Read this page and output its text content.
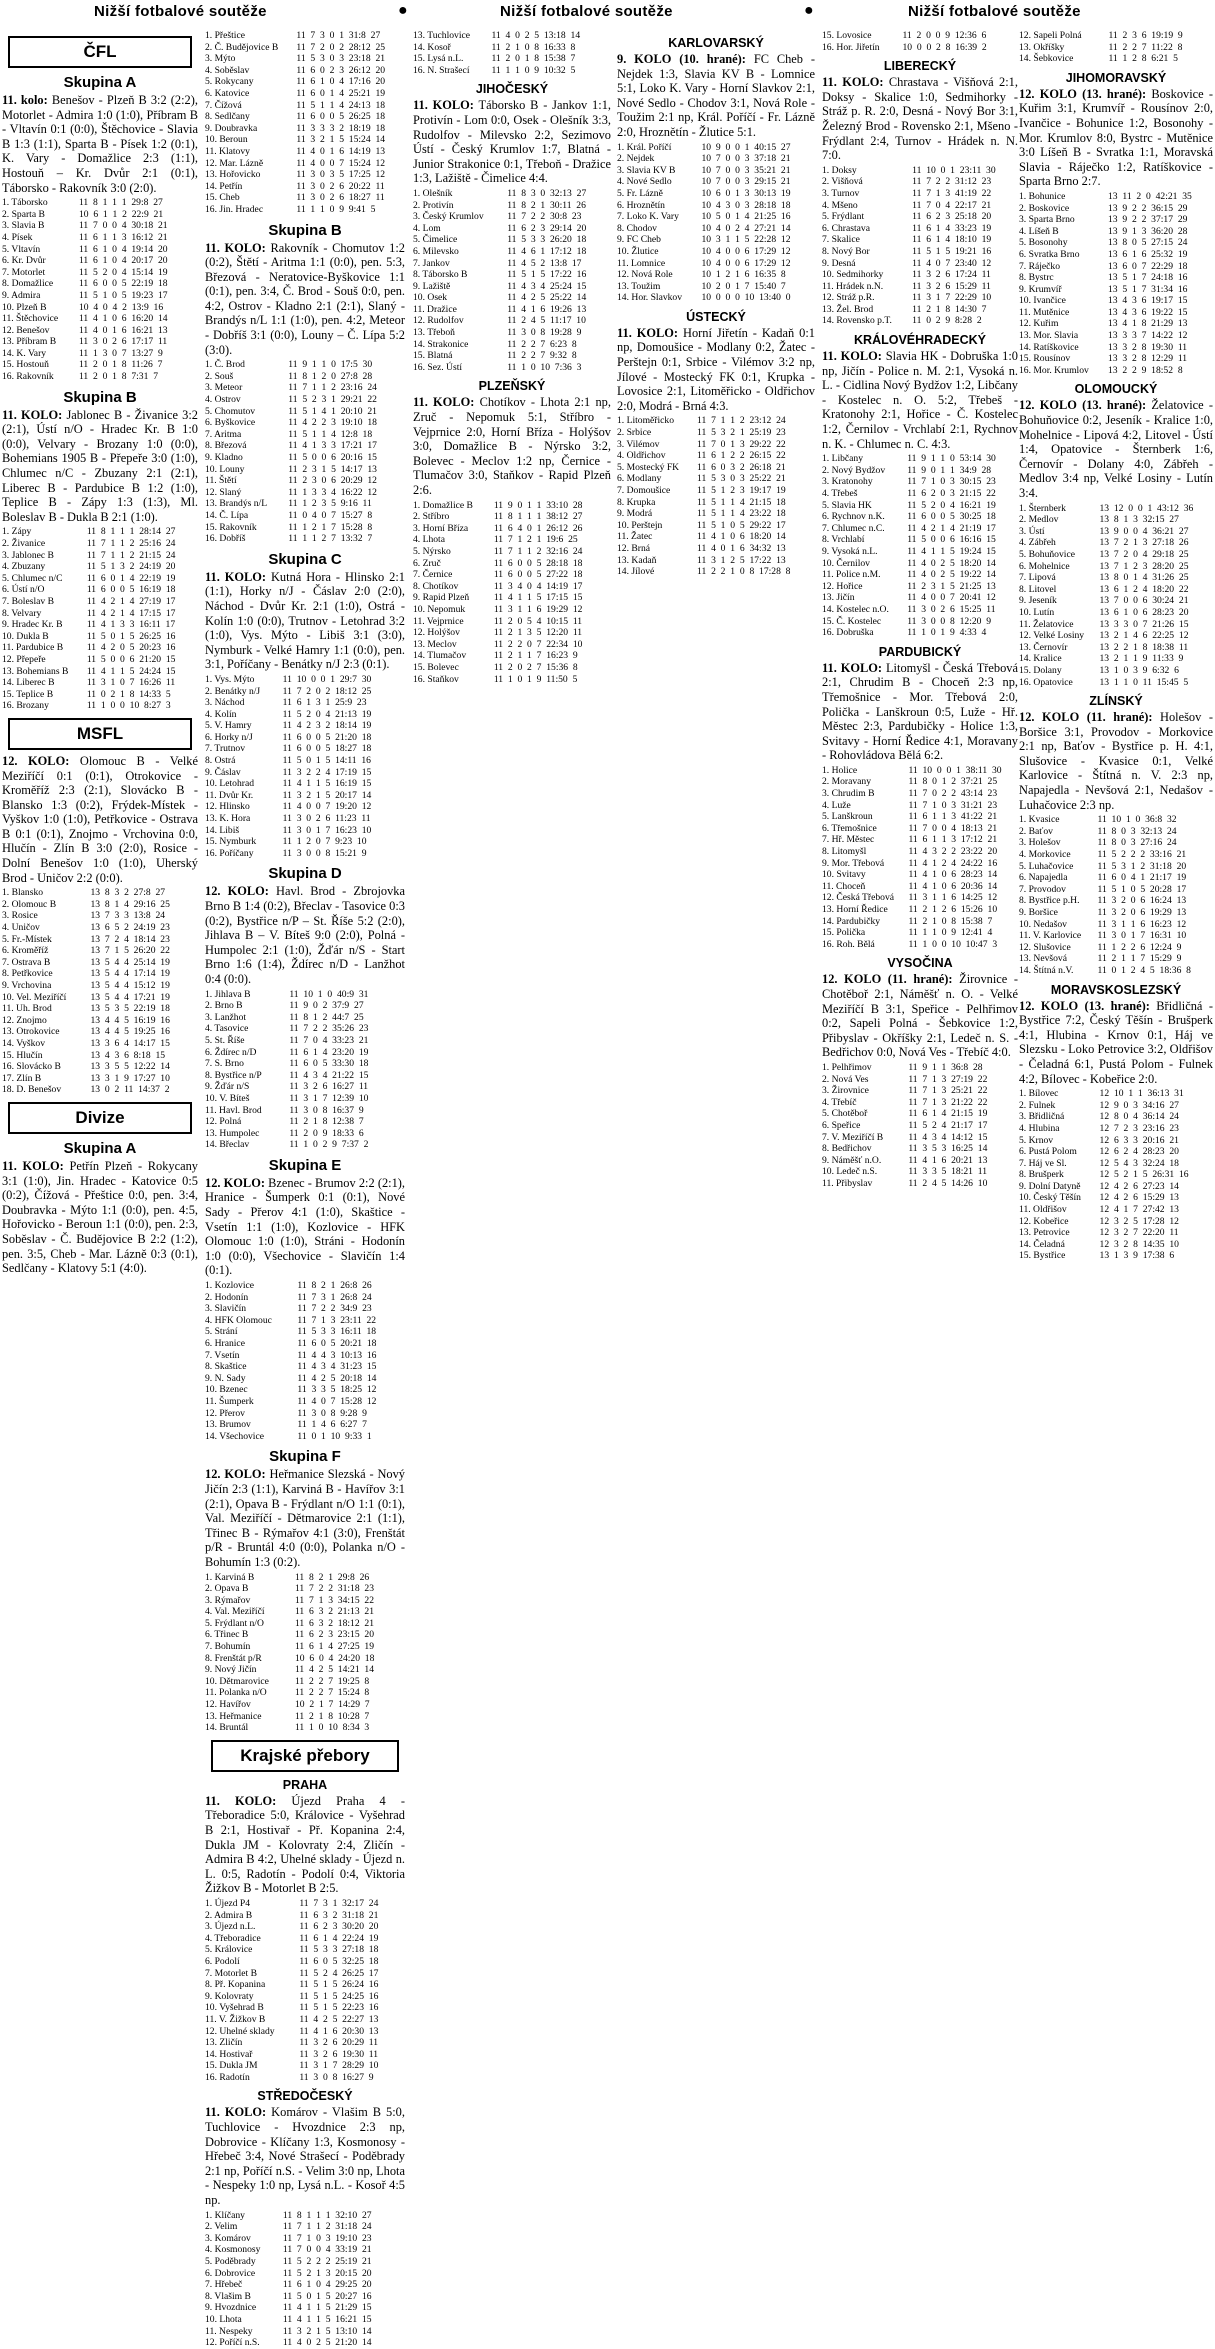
Nižší fotbalové soutěže	●	Nižší fotbalové soutěže	●	Nižší fotbalové soutěže
ČFL
Skupina A

11. kolo: Benešov - Plzeň B 3:2 (2:2), Motorlet - Admira 1:0 (1:0), Příbram B - Vltavín 0:1 (0:0), Štěchovice - Slavia B 1:3 (1:1), Sparta B - Písek 1:2 (0:1), K. Vary - Domažlice 2:3 (1:1), Hostouň – Kr. Dvůr 2:1 (0:1), Táborsko - Rakovník 3:0 (2:0).

1. Táborsko	11 8 1 1 1 29:8 27
2. Sparta B	10 6 1 1 2 22:9 21
3. Slavia B	11 7 0 0 4 30:18 21
4. Písek	11 6 1 1 3 16:12 21
5. Vltavín	11 6 1 0 4 19:14 20
6. Kr. Dvůr	11 6 1 0 4 20:17 20
7. Motorlet	11 5 2 0 4 15:14 19
8. Domažlice	11 6 0 0 5 22:19 18
9. Admira	11 5 1 0 5 19:23 17
10. Plzeň B	10 4 0 4 2 13:9 16
11. Štěchovice	11 4 1 0 6 16:20 14
12. Benešov	11 4 0 1 6 16:21 13
13. Příbram B	11 3 0 2 6 17:17 11
14. K. Vary	11 1 3 0 7 13:27 9
15. Hostouň	11 2 0 1 8 11:26 7
16. Rakovník	11 2 0 1 8 7:31 7
Skupina B

11. KOLO: Jablonec B - Živanice 3:2 (2:1), Ústí n/O - Hradec Kr. B 1:0 (0:0), Velvary - Brozany 1:0 (0:0), Bohemians 1905 B - Přepeře 3:0 (1:0), Chlumec n/C - Zbuzany 2:1 (2:1), Liberec B - Pardubice B 1:2 (1:0), Teplice B - Zápy 1:3 (1:3), Ml. Boleslav B - Dukla B 2:1 (1:0).

1. Zápy	11 8 1 1 1 28:14 27
2. Živanice	11 7 1 1 2 25:16 24
3. Jablonec B	11 7 1 1 2 21:15 24
4. Zbuzany	11 5 1 3 2 24:19 20
5. Chlumec n/C	11 6 0 1 4 22:19 19
6. Ústí n/O	11 6 0 0 5 16:19 18
7. Boleslav B	11 4 2 1 4 27:19 17
8. Velvary	11 4 2 1 4 17:15 17
9. Hradec Kr. B	11 4 1 3 3 16:11 17
10. Dukla B	11 5 0 1 5 26:25 16
11. Pardubice B	11 4 2 0 5 20:23 16
12. Přepeře	11 5 0 0 6 21:20 15
13. Bohemians B	11 4 1 1 5 24:24 15
14. Liberec B	11 3 1 0 7 16:26 11
15. Teplice B	11 0 2 1 8 14:33 5
16. Brozany	11 1 0 0 10 8:27 3
MSFL

12. KOLO: Olomouc B - Velké Meziříčí 0:1 (0:1), Otrokovice - Kroměříž 2:3 (2:1), Slovácko B - Blansko 1:3 (0:2), Frýdek-Místek - Vyškov 1:0 (1:0), Petřkovice - Ostrava B 0:1 (0:1), Znojmo - Vrchovina 0:0, Hlučín - Zlín B 3:0 (2:0), Rosice - Dolní Benešov 1:0 (1:0), Uherský Brod - Uničov 2:2 (0:0).

1. Blansko	13 8 3 2 27:8 27
2. Olomouc B	13 8 1 4 29:16 25
3. Rosice	13 7 3 3 13:8 24
4. Uničov	13 6 5 2 24:19 23
5. Fr.-Místek	13 7 2 4 18:14 23
6. Kroměříž	13 7 1 5 26:20 22
7. Ostrava B	13 5 4 4 25:14 19
8. Petřkovice	13 5 4 4 17:14 19
9. Vrchovina	13 5 4 4 15:12 19
10. Vel. Meziříčí	13 5 4 4 17:21 19
11. Uh. Brod	13 5 3 5 22:19 18
12. Znojmo	13 4 4 5 16:19 16
13. Otrokovice	13 4 4 5 19:25 16
14. Vyškov	13 3 6 4 14:17 15
15. Hlučín	13 4 3 6 8:18 15
16. Slovácko B	13 3 5 5 12:22 14
17. Zlín B	13 3 1 9 17:27 10
18. D. Benešov	13 0 2 11 14:37 2
Divize
Skupina A

11. KOLO: Petřín Plzeň - Rokycany 3:1 (1:0), Jin. Hradec - Katovice 0:5 (0:2), Čížová - Přeštice 0:0, pen. 3:4, Doubravka - Mýto 1:1 (0:0), pen. 4:5, Hořovicko - Beroun 1:1 (0:0), pen. 2:3, Soběslav - Č. Budějovice B 2:2 (1:2), pen. 3:5, Cheb - Mar. Lázně 0:3 (0:1), Sedlčany - Klatovy 5:1 (4:0).

1. Přeštice	11 7 3 0 1 31:8 27
2. Č. Budějovice B	11 7 2 0 2 28:12 25
3. Mýto	11 5 3 0 3 23:18 21
4. Soběslav	11 6 0 2 3 26:12 20
5. Rokycany	11 6 1 0 4 17:16 20
6. Katovice	11 6 0 1 4 25:21 19
7. Čížová	11 5 1 1 4 24:13 18
8. Sedlčany	11 6 0 0 5 26:25 18
9. Doubravka	11 3 3 3 2 18:19 18
10. Beroun	11 3 2 1 5 15:24 14
11. Klatovy	11 4 0 1 6 14:19 13
12. Mar. Lázně	11 4 0 0 7 15:24 12
13. Hořovicko	11 3 0 3 5 17:25 12
14. Petřín	11 3 0 2 6 20:22 11
15. Cheb	11 3 0 2 6 18:27 11
16. Jin. Hradec	11 1 1 0 9 9:41 5
Skupina B

11. KOLO: Rakovník - Chomutov 1:2 (0:2), Štětí - Aritma 1:1 (0:0), pen. 5:3, Březová - Neratovice-Byškovice 1:1 (0:1), pen. 3:4, Č. Brod - Souš 0:0, pen. 4:2, Ostrov - Kladno 2:1 (2:1), Slaný - Brandýs n/L 1:1 (1:0), pen. 4:2, Meteor - Dobříš 3:1 (0:0), Louny – Č. Lípa 5:2 (3:0).

1. Č. Brod	11 9 1 1 0 17:5 30
2. Souš	11 8 1 2 0 27:8 28
3. Meteor	11 7 1 1 2 23:16 24
4. Ostrov	11 5 2 3 1 29:21 22
5. Chomutov	11 5 1 4 1 20:10 21
6. Byškovice	11 4 2 2 3 19:10 18
7. Aritma	11 5 1 1 4 12:8 18
8. Březová	11 4 1 3 3 17:21 17
9. Kladno	11 5 0 0 6 20:16 15
10. Louny	11 2 3 1 5 14:17 13
11. Štětí	11 2 3 0 6 20:29 12
12. Slaný	11 1 3 3 4 16:22 12
13. Brandýs n/L	11 1 2 3 5 9:16 11
14. Č. Lípa	11 0 4 0 7 15:27 8
15. Rakovník	11 1 2 1 7 15:28 8
16. Dobříš	11 1 1 2 7 13:32 7
Skupina C

11. KOLO: Kutná Hora - Hlinsko 2:1 (1:1), Horky n/J - Čáslav 2:0 (2:0), Náchod - Dvůr Kr. 2:1 (1:0), Ostrá - Kolín 1:0 (0:0), Trutnov - Letohrad 3:2 (1:0), Vys. Mýto - Libiš 3:1 (3:0), Nymburk - Velké Hamry 1:1 (0:0), pen. 3:1, Poříčany - Benátky n/J 2:3 (0:1).

1. Vys. Mýto	11 10 0 0 1 29:7 30
2. Benátky n/J	11 7 2 0 2 18:12 25
3. Náchod	11 6 1 3 1 25:9 23
4. Kolín	11 5 2 0 4 21:13 19
5. V. Hamry	11 4 2 3 2 18:14 19
6. Horky n/J	11 6 0 0 5 21:20 18
7. Trutnov	11 6 0 0 5 18:27 18
8. Ostrá	11 5 0 1 5 14:11 16
9. Čáslav	11 3 2 2 4 17:19 15
10. Letohrad	11 4 1 1 5 16:19 15
11. Dvůr Kr.	11 3 2 1 5 20:17 14
12. Hlinsko	11 4 0 0 7 19:20 12
13. K. Hora	11 3 0 2 6 11:23 11
14. Libiš	11 3 0 1 7 16:23 10
15. Nymburk	11 1 2 0 7 9:23 10
16. Poříčany	11 3 0 0 8 15:21 9
Skupina D

12. KOLO: Havl. Brod - Zbrojovka Brno B 1:4 (0:2), Břeclav - Tasovice 0:3 (0:2), Bystřice n/P – St. Říše 5:2 (2:0), Jihlava B – V. Bíteš 9:0 (2:0), Polná - Humpolec 2:1 (1:0), Žďár n/S - Start Brno 1:6 (1:4), Ždírec n/D - Lanžhot 0:4 (0:0).

1. Jihlava B	11 10 1 0 40:9 31
2. Brno B	11 9 0 2 37:9 27
3. Lanžhot	11 8 1 2 44:7 25
4. Tasovice	11 7 2 2 35:26 23
5. St. Říše	11 7 0 4 33:23 21
6. Ždírec n/D	11 6 1 4 23:20 19
7. S. Brno	11 6 0 5 33:30 18
8. Bystřice n/P	11 4 3 4 21:22 15
9. Žďár n/S	11 3 2 6 16:27 11
10. V. Bíteš	11 3 1 7 12:39 10
11. Havl. Brod	11 3 0 8 16:37 9
12. Polná	11 2 1 8 12:38 7
13. Humpolec	11 2 0 9 18:33 6
14. Břeclav	11 1 0 2 9 7:37 2
Skupina E

12. KOLO: Bzenec - Brumov 2:2 (2:1), Hranice - Šumperk 0:1 (0:1), Nové Sady - Přerov 4:1 (1:0), Skaštice - Vsetín 1:1 (1:0), Kozlovice - HFK Olomouc 1:0 (1:0), Stráni - Hodonín 1:0 (0:0), Všechovice - Slavičín 1:4 (0:1).

1. Kozlovice	11 8 2 1 26:8 26
2. Hodonín	11 7 3 1 26:8 24
3. Slavičín	11 7 2 2 34:9 23
4. HFK Olomouc	11 7 1 3 23:11 22
5. Strání	11 5 3 3 16:11 18
6. Hranice	11 6 0 5 20:21 18
7. Vsetín	11 4 4 3 10:13 16
8. Skaštice	11 4 3 4 31:23 15
9. N. Sady	11 4 2 5 20:18 14
10. Bzenec	11 3 3 5 18:25 12
11. Šumperk	11 4 0 7 15:28 12
12. Přerov	11 3 0 8 9:28 9
13. Brumov	11 1 4 6 6:27 7
14. Všechovice	11 0 1 10 9:33 1
Skupina F

12. KOLO: Heřmanice Slezská - Nový Jičín 2:3 (1:1), Karviná B - Havířov 3:1 (2:1), Opava B - Frýdlant n/O 1:1 (0:1), Val. Meziříčí - Dětmarovice 2:1 (1:1), Třinec B - Rýmařov 4:1 (3:0), Frenštát p/R - Bruntál 4:0 (0:0), Polanka n/O - Bohumín 1:3 (0:2).

1. Karviná B	11 8 2 1 29:8 26
2. Opava B	11 7 2 2 31:18 23
3. Rýmařov	11 7 1 3 34:15 22
4. Val. Meziříčí	11 6 3 2 21:13 21
5. Frýdlant n/O	11 6 3 2 18:12 21
6. Třinec B	11 6 2 3 23:15 20
7. Bohumín	11 6 1 4 27:25 19
8. Frenštát p/R	10 6 0 4 24:20 18
9. Nový Jičín	11 4 2 5 14:21 14
10. Dětmarovice	11 2 2 7 19:25 8
11. Polanka n/O	11 2 2 7 15:24 8
12. Havířov	10 2 1 7 14:29 7
13. Heřmanice	11 2 1 8 10:28 7
14. Bruntál	11 1 0 10 8:34 3
Krajské přebory
PRAHA

11. KOLO: Újezd Praha 4 - Třeboradice 5:0, Královice - Vyšehrad B 2:1, Hostivař - Př. Kopanina 2:4, Dukla JM - Kolovraty 2:4, Zličín - Admira B 4:2, Uhelné sklady - Újezd n. L. 0:5, Radotín - Podolí 0:4, Viktoria Žižkov B - Motorlet B 2:5.

1. Újezd P4	11 7 3 1 32:17 24
2. Admira B	11 6 3 2 31:18 21
3. Újezd n.L.	11 6 2 3 30:20 20
4. Třeboradice	11 6 1 4 22:24 19
5. Královice	11 5 3 3 27:18 18
6. Podolí	11 6 0 5 32:25 18
7. Motorlet B	11 5 2 4 26:25 17
8. Př. Kopanina	11 5 1 5 26:24 16
9. Kolovraty	11 5 1 5 24:25 16
10. Vyšehrad B	11 5 1 5 22:23 16
11. V. Žižkov B	11 4 2 5 22:27 13
12. Uhelné sklady	11 4 1 6 20:30 13
13. Zličín	11 3 2 6 20:29 11
14. Hostivař	11 3 2 6 19:30 11
15. Dukla JM	11 3 1 7 28:29 10
16. Radotín	11 3 0 8 16:27 9
STŘEDOČESKÝ

11. KOLO: Komárov - Vlašim B 5:0, Tuchlovice - Hvozdnice 2:3 np, Dobrovice - Klíčany 1:3, Kosmonosy - Hřebeč 3:4, Nové Strašecí - Poděbrady 2:1 np, Poříčí n.S. - Velim 3:0 np, Lhota - Nespeky 1:0 np, Lysá n.L. - Kosoř 4:5 np.

1. Klíčany	11 8 1 1 1 32:10 27
2. Velim	11 7 1 1 2 31:18 24
3. Komárov	11 7 1 0 3 19:10 23
4. Kosmonosy	11 7 0 0 4 33:19 21
5. Poděbrady	11 5 2 2 2 25:19 21
6. Dobrovice	11 5 2 1 3 20:15 20
7. Hřebeč	11 6 1 0 4 29:25 20
8. Vlašim B	11 5 0 1 5 20:27 16
9. Hvozdnice	11 4 1 1 5 21:29 15
10. Lhota	11 4 1 1 5 16:21 15
11. Nespeky	11 3 2 1 5 13:10 14
12. Poříčí n.S.	11 4 0 2 5 21:20 14
13. Tuchlovice	11 4 0 2 5 13:18 14
14. Kosoř	11 2 1 0 8 16:33 8
15. Lysá n.L.	11 2 0 1 8 15:38 7
16. N. Strašecí	11 1 1 0 9 10:32 5
JIHOČESKÝ

11. KOLO: Táborsko B - Jankov 1:1, Protivín - Lom 0:0, Osek - Olešník 3:3, Rudolfov - Milevsko 2:2, Sezimovo Ústí - Český Krumlov 1:7, Blatná - Junior Strakonice 0:1, Třeboň - Dražice 1:3, Lažiště - Čimelice 4:4.

1. Olešník	11 8 3 0 32:13 27
2. Protivín	11 8 2 1 30:11 26
3. Český Krumlov	11 7 2 2 30:8 23
4. Lom	11 6 2 3 29:14 20
5. Čimelice	11 5 3 3 26:20 18
6. Milevsko	11 4 6 1 17:12 18
7. Jankov	11 4 5 2 13:8 17
8. Táborsko B	11 5 1 5 17:22 16
9. Lažiště	11 4 3 4 25:24 15
10. Osek	11 4 2 5 25:22 14
11. Dražice	11 4 1 6 19:26 13
12. Rudolfov	11 2 4 5 11:17 10
13. Třeboň	11 3 0 8 19:28 9
14. Strakonice	11 2 2 7 6:23 8
15. Blatná	11 2 2 7 9:32 8
16. Sez. Ústí	11 1 0 10 7:36 3
PLZEŇSKÝ

11. KOLO: Chotíkov - Lhota 2:1 np, Zruč - Nepomuk 5:1, Stříbro - Vejprnice 2:0, Horní Bříza - Holýšov 3:0, Domažlice B - Nýrsko 3:2, Bolevec - Meclov 1:2 np, Černice - Tlumačov 3:0, Staňkov - Rapid Plzeň 2:6.

1. Domažlice B	11 9 0 1 1 33:10 28
2. Stříbro	11 8 1 1 1 38:12 27
3. Horní Bříza	11 6 4 0 1 26:12 26
4. Lhota	11 7 1 2 1 19:6 25
5. Nýrsko	11 7 1 1 2 32:16 24
6. Zruč	11 6 0 0 5 28:18 18
7. Černice	11 6 0 0 5 27:22 18
8. Chotíkov	11 3 4 0 4 14:19 17
9. Rapid Plzeň	11 4 1 1 5 17:15 15
10. Nepomuk	11 3 1 1 6 19:29 12
11. Vejprnice	11 2 0 5 4 10:15 11
12. Holýšov	11 2 1 3 5 12:20 11
13. Meclov	11 2 2 0 7 22:34 10
14. Tlumačov	11 2 1 1 7 16:23 9
15. Bolevec	11 2 0 2 7 15:36 8
16. Staňkov	11 1 0 1 9 11:50 5
KARLOVARSKÝ

9. KOLO (10. hrané): FC Cheb - Nejdek 1:3, Slavia KV B - Lomnice 5:1, Loko K. Vary - Horní Slavkov 2:1, Nové Sedlo - Chodov 3:1, Nová Role - Toužim 2:1 np, Král. Poříčí - Fr. Lázně 2:0, Hroznětín - Žlutice 5:1.

1. Král. Poříčí	10 9 0 0 1 40:15 27
2. Nejdek	10 7 0 0 3 37:18 21
3. Slavia KV B	10 7 0 0 3 35:21 21
4. Nové Sedlo	10 7 0 0 3 29:15 21
5. Fr. Lázně	10 6 0 1 3 30:13 19
6. Hroznětín	10 4 3 0 3 28:18 18
7. Loko K. Vary	10 5 0 1 4 21:25 16
8. Chodov	10 4 0 2 4 27:21 14
9. FC Cheb	10 3 1 1 5 22:28 12
10. Žlutice	10 4 0 0 6 17:29 12
11. Lomnice	10 4 0 0 6 17:29 12
12. Nová Role	10 1 2 1 6 16:35 8
13. Toužim	10 2 0 1 7 15:40 7
14. Hor. Slavkov	10 0 0 0 10 13:40 0
ÚSTECKÝ

11. KOLO: Horní Jiřetín - Kadaň 0:1 np, Domoušice - Modlany 0:2, Žatec - Perštejn 0:1, Srbice - Vilémov 3:2 np, Jílové - Mostecký FK 0:1, Krupka - Lovosice 2:1, Litoměřicko - Oldřichov 2:0, Modrá - Brná 4:3.

1. Litoměřicko	11 7 1 1 2 23:12 24
2. Srbice	11 5 3 2 1 25:19 23
3. Vilémov	11 7 0 1 3 29:22 22
4. Oldřichov	11 6 1 2 2 26:15 22
5. Mostecký FK	11 6 0 3 2 26:18 21
6. Modlany	11 5 3 0 3 25:22 21
7. Domoušice	11 5 1 2 3 19:17 19
8. Krupka	11 5 1 1 4 21:15 18
9. Modrá	11 5 1 1 4 23:22 18
10. Perštejn	11 5 1 0 5 29:22 17
11. Žatec	11 4 1 0 6 18:20 14
12. Brná	11 4 0 1 6 34:32 13
13. Kadaň	11 3 1 2 5 17:22 13
14. Jílové	11 2 2 1 0 8 17:28 8
15. Lovosice	11 2 0 0 9 12:36 6
16. Hor. Jiřetín	10 0 0 2 8 16:39 2
LIBERECKÝ

11. KOLO: Chrastava - Višňová 2:1, Doksy - Skalice 1:0, Sedmihorky - Stráž p. R. 2:0, Desná - Nový Bor 3:1, Železný Brod - Rovensko 2:1, Mšeno - Frýdlant 2:4, Turnov - Hrádek n. N. 7:0.

1. Doksy	11 10 0 1 23:11 30
2. Višňová	11 7 2 2 31:12 23
3. Turnov	11 7 1 3 41:19 22
4. Mšeno	11 7 0 4 22:17 21
5. Frýdlant	11 6 2 3 25:18 20
6. Chrastava	11 6 1 4 33:23 19
7. Skalice	11 6 1 4 18:10 19
8. Nový Bor	11 5 1 5 19:21 16
9. Desná	11 4 0 7 23:40 12
10. Sedmihorky	11 3 2 6 17:24 11
11. Hrádek n.N.	11 3 2 6 15:29 11
12. Stráž p.R.	11 3 1 7 22:29 10
13. Žel. Brod	11 2 1 8 14:30 7
14. Rovensko p.T.	11 0 2 9 8:28 2
KRÁLOVÉHRADECKÝ

11. KOLO: Slavia HK - Dobruška 1:0 np, Jičín - Police n. M. 2:1, Vysoká n. L. - Cidlina Nový Bydžov 1:2, Libčany - Kostelec n. O. 5:2, Třebeš - Kratonohy 2:1, Hořice - Č. Kostelec 1:2, Černilov - Vrchlabí 2:1, Rychnov n. K. - Chlumec n. C. 4:3.

1. Libčany	11 9 1 1 0 53:14 30
2. Nový Bydžov	11 9 0 1 1 34:9 28
3. Kratonohy	11 7 1 0 3 30:15 23
4. Třebeš	11 6 2 0 3 21:15 22
5. Slavia HK	11 5 2 0 4 16:21 19
6. Rychnov n.K.	11 6 0 0 5 30:25 18
7. Chlumec n.C.	11 4 2 1 4 21:19 17
8. Vrchlabí	11 5 0 0 6 16:16 15
9. Vysoká n.L.	11 4 1 1 5 19:24 15
10. Černilov	11 4 0 2 5 18:20 14
11. Police n.M.	11 4 0 2 5 19:22 14
12. Hořice	11 2 3 1 5 21:25 13
13. Jičín	11 4 0 0 7 20:41 12
14. Kostelec n.O.	11 3 0 2 6 15:25 11
15. Č. Kostelec	11 3 0 0 8 12:20 9
16. Dobruška	11 1 0 1 9 4:33 4
PARDUBICKÝ

11. KOLO: Litomyšl - Česká Třebová 2:1, Chrudim B - Choceň 2:3 np, Třemošnice - Mor. Třebová 2:0, Polička - Lanškroun 0:5, Luže - Hř. Městec 2:3, Pardubičky - Holice 1:3, Svitavy - Horní Ředice 4:1, Moravany - Rohovládova Bělá 6:2.

1. Holice	11 10 0 0 1 38:11 30
2. Moravany	11 8 0 1 2 37:21 25
3. Chrudim B	11 7 0 2 2 43:14 23
4. Luže	11 7 1 0 3 31:21 23
5. Lanškroun	11 6 1 1 3 41:22 21
6. Třemošnice	11 7 0 0 4 18:13 21
7. Hř. Městec	11 6 1 1 3 17:12 21
8. Litomyšl	11 4 3 2 2 23:22 20
9. Mor. Třebová	11 4 1 2 4 24:22 16
10. Svitavy	11 4 1 0 6 28:23 14
11. Choceň	11 4 1 0 6 20:36 14
12. Česká Třebová	11 3 1 1 6 14:25 12
13. Horní Ředice	11 2 1 2 6 15:26 10
14. Pardubičky	11 2 1 0 8 15:38 7
15. Polička	11 1 1 0 9 12:41 4
16. Roh. Bělá	11 1 0 0 10 10:47 3
VYSOČINA

12. KOLO (11. hrané): Žirovnice - Chotěboř 2:1, Náměšť n. O. - Velké Meziříčí B 3:1, Speřice - Pelhřimov 0:2, Sapeli Polná - Šebkovice 1:2, Přibyslav - Okříšky 2:1, Ledeč n. S. - Bedřichov 0:0, Nová Ves - Třebíč 4:0.

1. Pelhřimov	11 9 1 1 36:8 28
2. Nová Ves	11 7 1 3 27:19 22
3. Žirovnice	11 7 1 3 25:21 22
4. Třebíč	11 7 1 3 21:22 22
5. Chotěboř	11 6 1 4 21:15 19
6. Speřice	11 5 2 4 21:17 17
7. V. Meziříčí B	11 4 3 4 14:12 15
8. Bedřichov	11 3 5 3 16:25 14
9. Náměšť n.O.	11 4 1 6 20:21 13
10. Ledeč n.S.	11 3 3 5 18:21 11
11. Přibyslav	11 2 4 5 14:26 10
12. Sapeli Polná	11 2 3 6 19:19 9
13. Okříšky	11 2 2 7 11:22 8
14. Šebkovice	11 1 2 8 6:21 5
JIHOMORAVSKÝ

12. KOLO (13. hrané): Boskovice - Kuřim 3:1, Krumvíř - Rousínov 2:0, Ivančice - Bohunice 1:2, Bosonohy - Mor. Krumlov 8:0, Bystrc - Mutěnice 3:0 Líšeň B - Svratka 1:1, Moravská Slavia - Ráječko 1:2, Ratíškovice - Sparta Brno 2:7.

1. Bohunice	13 11 2 0 42:21 35
2. Boskovice	13 9 2 2 36:15 29
3. Sparta Brno	13 9 2 2 37:17 29
4. Líšeň B	13 9 1 3 36:20 28
5. Bosonohy	13 8 0 5 27:15 24
6. Svratka Brno	13 6 1 6 25:32 19
7. Ráječko	13 6 0 7 22:29 18
8. Bystrc	13 5 1 7 24:18 16
9. Krumvíř	13 5 1 7 31:34 16
10. Ivančice	13 4 3 6 19:17 15
11. Mutěnice	13 4 3 6 19:22 15
12. Kuřim	13 4 1 8 21:29 13
13. Mor. Slavia	13 3 3 7 14:22 12
14. Ratíškovice	13 3 2 8 19:30 11
15. Rousínov	13 3 2 8 12:29 11
16. Mor. Krumlov	13 2 2 9 18:52 8
OLOMOUCKÝ

12. KOLO (13. hrané): Želatovice - Bohuňovice 0:2, Jeseník - Kralice 1:0, Mohelnice - Lipová 4:2, Litovel - Ústí 1:4, Opatovice - Šternberk 1:6, Černovír - Dolany 4:0, Zábřeh - Medlov 3:4 np, Velké Losiny - Lutín 3:4.

1. Šternberk	13 12 0 0 1 43:12 36
2. Medlov	13 8 1 3 32:15 27
3. Ústí	13 9 0 0 4 36:21 27
4. Zábřeh	13 7 2 1 3 27:18 26
5. Bohuňovice	13 7 2 0 4 29:18 25
6. Mohelnice	13 7 1 2 3 28:20 25
7. Lipová	13 8 0 1 4 31:26 25
8. Litovel	13 6 1 2 4 18:20 22
9. Jeseník	13 7 0 0 6 30:24 21
10. Lutín	13 6 1 0 6 28:23 20
11. Želatovice	13 3 3 0 7 21:26 15
12. Velké Losiny	13 2 1 4 6 22:25 12
13. Černovír	13 2 2 1 8 18:38 11
14. Kralice	13 2 1 1 9 11:33 9
15. Dolany	13 1 0 3 9 6:32 6
16. Opatovice	13 1 1 0 11 15:45 5
ZLÍNSKÝ

12. KOLO (11. hrané): Holešov - Boršice 3:1, Provodov - Morkovice 2:1 np, Baťov - Bystřice p. H. 4:1, Slušovice - Kvasice 0:1, Velké Karlovice - Štítná n. V. 2:3 np, Napajedla - Nevšová 2:1, Nedašov - Luhačovice 2:3 np.

1. Kvasice	11 10 1 0 36:8 32
2. Baťov	11 8 0 3 32:13 24
3. Holešov	11 8 0 3 27:16 24
4. Morkovice	11 5 2 2 2 33:16 21
5. Luhačovice	11 5 3 1 2 31:18 20
6. Napajedla	11 6 0 4 1 21:17 19
7. Provodov	11 5 1 0 5 20:28 17
8. Bystřice p.H.	11 3 2 0 6 16:24 13
9. Boršice	11 3 2 0 6 19:29 13
10. Nedašov	11 3 1 1 6 16:23 12
11. V. Karlovice	11 3 0 1 7 16:31 10
12. Slušovice	11 1 2 2 6 12:24 9
13. Nevšová	11 2 1 1 7 15:29 9
14. Štítná n.V.	11 0 1 2 4 5 18:36 8
MORAVSKOSLEZSKÝ

12. KOLO (13. hrané): Břidličná - Bystřice 7:2, Český Těšín - Brušperk 4:1, Hlubina - Krnov 0:1, Háj ve Slezsku - Loko Petrovice 3:2, Oldřišov - Čeladná 6:1, Pustá Polom - Fulnek 4:2, Bílovec - Kobeřice 2:0.

1. Bílovec	12 10 1 1 36:13 31
2. Fulnek	12 9 0 3 34:16 27
3. Břidličná	12 8 0 4 36:14 24
4. Hlubina	12 7 2 3 23:16 23
5. Krnov	12 6 3 3 20:16 21
6. Pustá Polom	12 6 2 4 28:23 20
7. Háj ve Sl.	12 5 4 3 32:24 18
8. Brušperk	12 5 2 1 5 26:31 16
9. Dolní Datyně	12 4 2 6 27:23 14
10. Český Těšín	12 4 2 6 15:29 13
11. Oldřišov	12 4 1 7 27:42 13
12. Kobeřice	12 3 2 5 17:28 12
13. Petrovice	12 3 2 7 22:20 11
14. Čeladná	12 3 2 8 14:35 10
15. Bystřice	13 1 3 9 17:38 6
